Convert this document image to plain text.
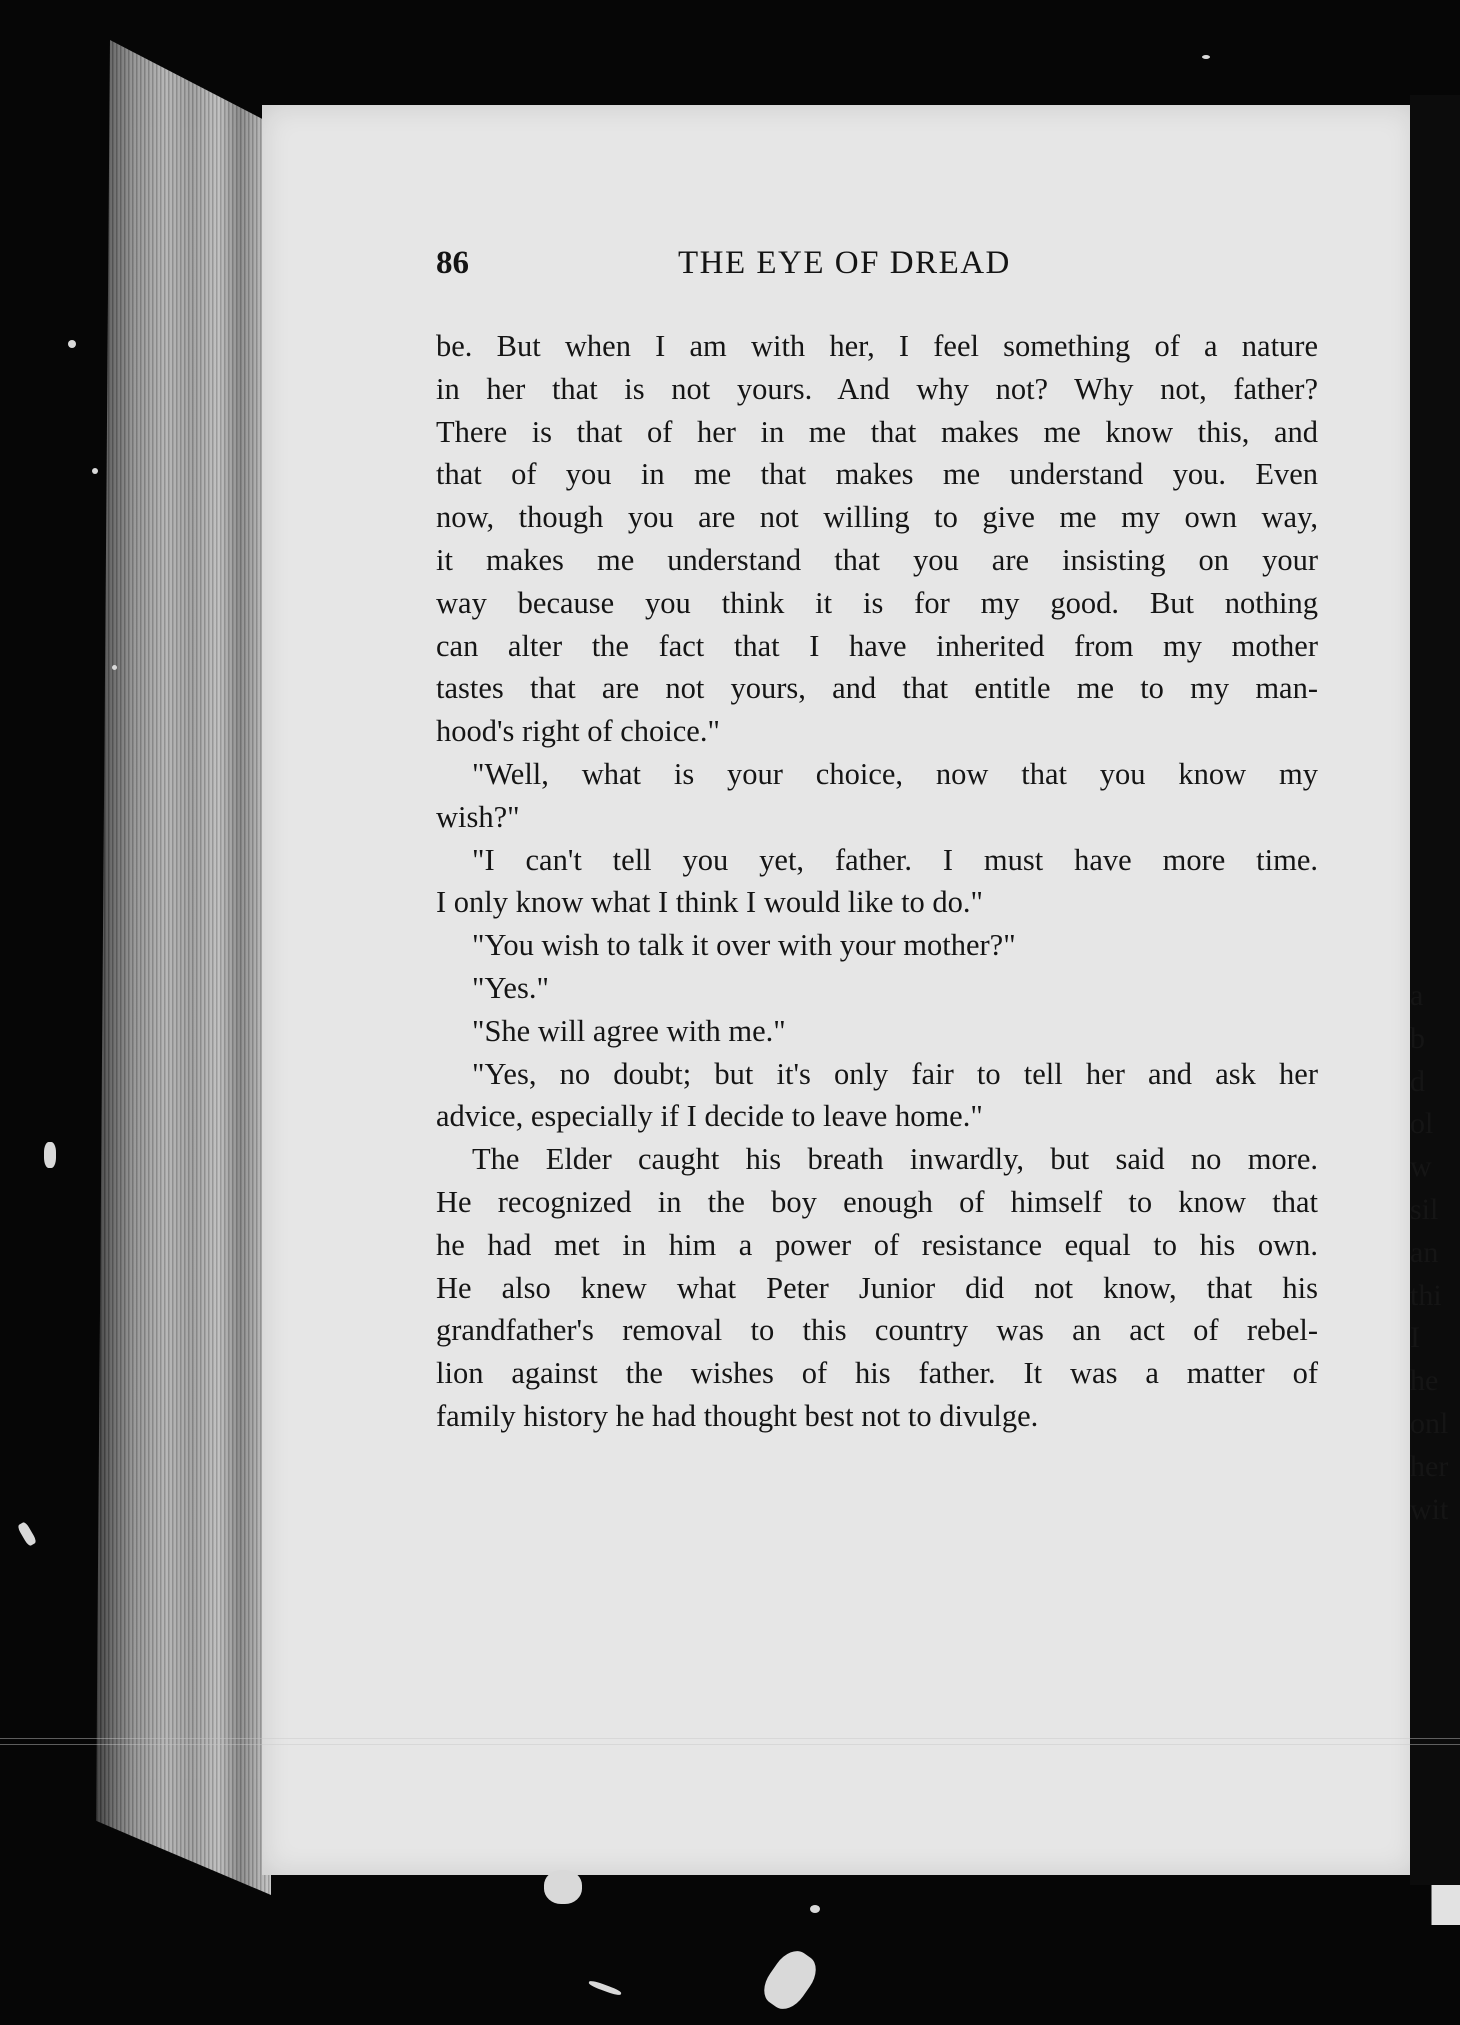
86	THE EYE OF DREAD
be. But when I am with her, I feel something of a nature
in her that is not yours. And why not? Why not, father?
There is that of her in me that makes me know this, and
that of you in me that makes me understand you. Even
now, though you are not willing to give me my own way,
it makes me understand that you are insisting on your
way because you think it is for my good. But nothing
can alter the fact that I have inherited from my mother
tastes that are not yours, and that entitle me to my man-
hood's right of choice."
"Well, what is your choice, now that you know my
wish?"
"I can't tell you yet, father. I must have more time.
I only know what I think I would like to do."
"You wish to talk it over with your mother?"
"Yes."
"She will agree with me."
"Yes, no doubt; but it's only fair to tell her and ask her
advice, especially if I decide to leave home."
The Elder caught his breath inwardly, but said no more.
He recognized in the boy enough of himself to know that
he had met in him a power of resistance equal to his own.
He also knew what Peter Junior did not know, that his
grandfather's removal to this country was an act of rebel-
lion against the wishes of his father. It was a matter of
family history he had thought best not to divulge.
a
b
d
ol
w
sil
an
thi
I
he
onl
her
wit
